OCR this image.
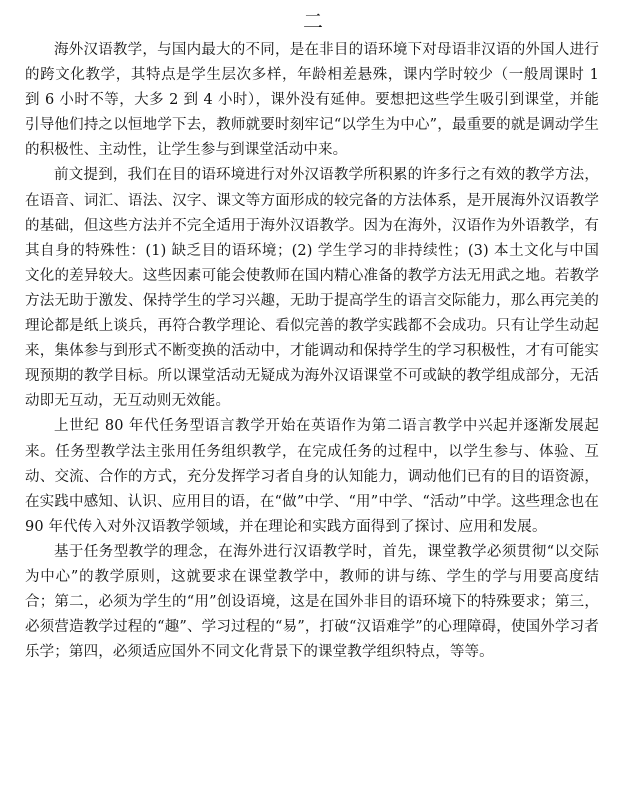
二

海外汉语教学，与国内最大的不同，是在非目的语环境下对母语非汉语的外国人进行的跨文化教学，其特点是学生层次多样，年龄相差悬殊，课内学时较少（一般周课时 1 到 6 小时不等，大多 2 到 4 小时），课外没有延伸。要想把这些学生吸引到课堂，并能引导他们持之以恒地学下去，教师就要时刻牢记“以学生为中心”，最重要的就是调动学生的积极性、主动性，让学生参与到课堂活动中来。

前文提到，我们在目的语环境进行对外汉语教学所积累的许多行之有效的教学方法，在语音、词汇、语法、汉字、课文等方面形成的较完备的方法体系，是开展海外汉语教学的基础，但这些方法并不完全适用于海外汉语教学。因为在海外，汉语作为外语教学，有其自身的特殊性：(1) 缺乏目的语环境；(2) 学生学习的非持续性；(3) 本土文化与中国文化的差异较大。这些因素可能会使教师在国内精心准备的教学方法无用武之地。若教学方法无助于激发、保持学生的学习兴趣，无助于提高学生的语言交际能力，那么再完美的理论都是纸上谈兵，再符合教学理论、看似完善的教学实践都不会成功。只有让学生动起来，集体参与到形式不断变换的活动中，才能调动和保持学生的学习积极性，才有可能实现预期的教学目标。所以课堂活动无疑成为海外汉语课堂不可或缺的教学组成部分，无活动即无互动，无互动则无效能。

上世纪 80 年代任务型语言教学开始在英语作为第二语言教学中兴起并逐渐发展起来。任务型教学法主张用任务组织教学，在完成任务的过程中，以学生参与、体验、互动、交流、合作的方式，充分发挥学习者自身的认知能力，调动他们已有的目的语资源，在实践中感知、认识、应用目的语，在“做”中学、“用”中学、“活动”中学。这些理念也在 90 年代传入对外汉语教学领域，并在理论和实践方面得到了探讨、应用和发展。

基于任务型教学的理念，在海外进行汉语教学时，首先，课堂教学必须贯彻“以交际为中心”的教学原则，这就要求在课堂教学中，教师的讲与练、学生的学与用要高度结合；第二，必须为学生的“用”创设语境，这是在国外非目的语环境下的特殊要求；第三，必须营造教学过程的“趣”、学习过程的“易”，打破“汉语难学”的心理障碍，使国外学习者乐学；第四，必须适应国外不同文化背景下的课堂教学组织特点，等等。
